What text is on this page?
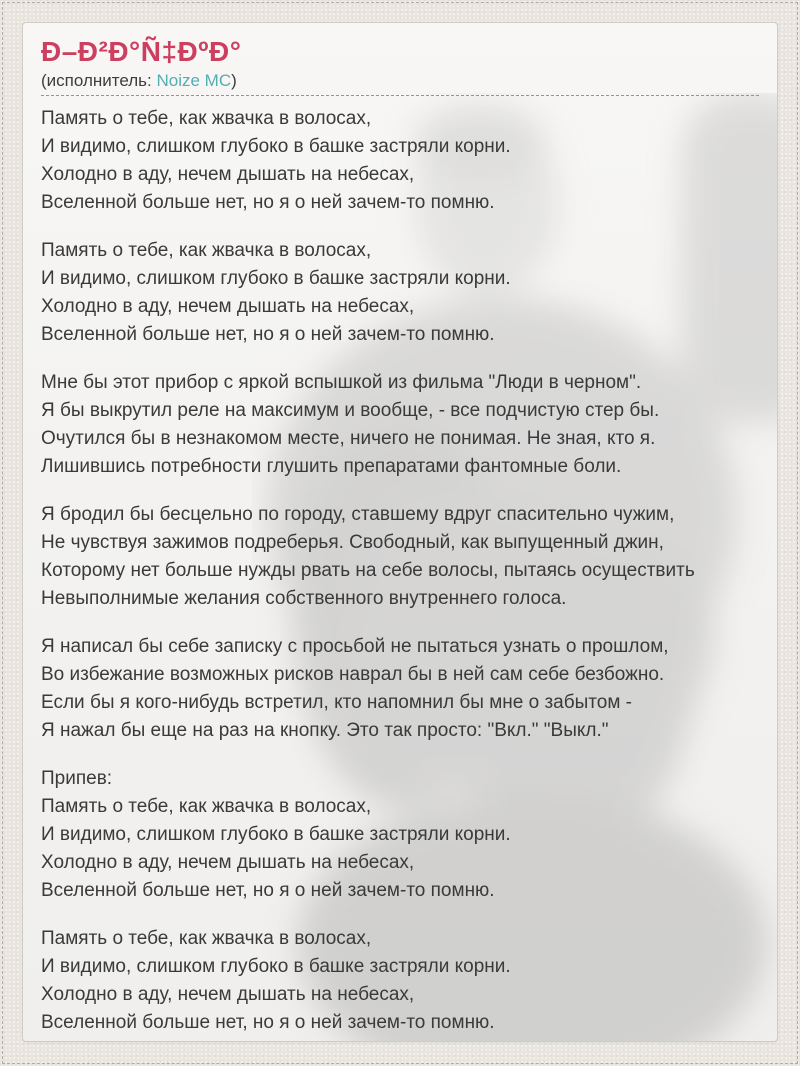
Ð–Ð²Ð°Ñ‡ÐºÐ°

(исполнитель: Noize MC)

Память о тебе, как жвачка в волосах,
И видимо, слишком глубоко в башке застряли корни.
Холодно в аду, нечем дышать на небесах,
Вселенной больше нет, но я о ней зачем-то помню.

Память о тебе, как жвачка в волосах,
И видимо, слишком глубоко в башке застряли корни.
Холодно в аду, нечем дышать на небесах,
Вселенной больше нет, но я о ней зачем-то помню.

Мне бы этот прибор с яркой вспышкой из фильма "Люди в черном".
Я бы выкрутил реле на максимум и вообще, - все подчистую стер бы.
Очутился бы в незнакомом месте, ничего не понимая. Не зная, кто я.
Лишившись потребности глушить препаратами фантомные боли.

Я бродил бы бесцельно по городу, ставшему вдруг спасительно чужим,
Не чувствуя зажимов подреберья. Свободный, как выпущенный джин,
Которому нет больше нужды рвать на себе волосы, пытаясь осуществить
Невыполнимые желания собственного внутреннего голоса.

Я написал бы себе записку с просьбой не пытаться узнать о прошлом,
Во избежание возможных рисков наврал бы в ней сам себе безбожно.
Если бы я кого-нибудь встретил, кто напомнил бы мне о забытом -
Я нажал бы еще на раз на кнопку. Это так просто: "Вкл." "Выкл."

Припев:
Память о тебе, как жвачка в волосах,
И видимо, слишком глубоко в башке застряли корни.
Холодно в аду, нечем дышать на небесах,
Вселенной больше нет, но я о ней зачем-то помню.

Память о тебе, как жвачка в волосах,
И видимо, слишком глубоко в башке застряли корни.
Холодно в аду, нечем дышать на небесах,
Вселенной больше нет, но я о ней зачем-то помню.
